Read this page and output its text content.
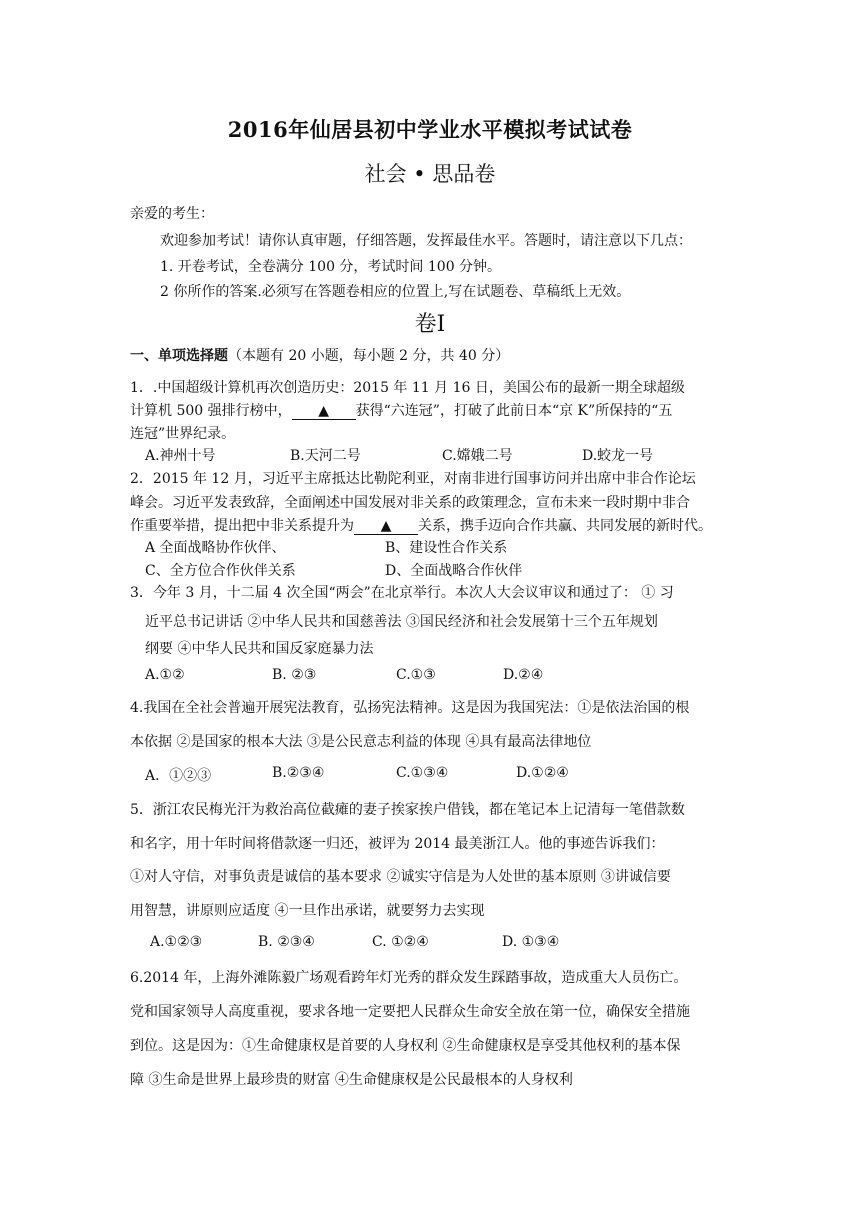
2016年仙居县初中学业水平模拟考试试卷
社会 • 思品卷
亲爱的考生：
欢迎参加考试！请你认真审题，仔细答题，发挥最佳水平。答题时，请注意以下几点：
1. 开卷考试，全卷满分 100 分，考试时间 100 分钟。
2 你所作的答案.必须写在答题卷相应的位置上,写在试题卷、草稿纸上无效。
卷Ⅰ
一、单项选择题（本题有 20 小题，每小题 2 分，共 40 分）
1．.中国超级计算机再次创造历史：2015 年 11 月 16 日，美国公布的最新一期全球超级
计算机 500 强排行榜中， ▲ 获得“六连冠”，打破了此前日本“京 K”所保持的“五
连冠”世界纪录。
A.神州十号	B.天河二号	C.嫦娥二号	D.蛟龙一号
2．2015 年 12 月，习近平主席抵达比勒陀利亚，对南非进行国事访问并出席中非合作论坛
峰会。习近平发表致辞，全面阐述中国发展对非关系的政策理念，宣布未来一段时期中非合
作重要举措，提出把中非关系提升为 ▲ 关系，携手迈向合作共赢、共同发展的新时代。
A 全面战略协作伙伴、	B、建设性合作关系
C、全方位合作伙伴关系	D、全面战略合作伙伴
3．今年 3 月，十二届 4 次全国“两会”在北京举行。本次人大会议审议和通过了： ① 习
近平总书记讲话 ②中华人民共和国慈善法 ③国民经济和社会发展第十三个五年规划
纲要 ④中华人民共和国反家庭暴力法
A.①②	B. ②③	C.①③	D.②④
4.我国在全社会普遍开展宪法教育，弘扬宪法精神。这是因为我国宪法：①是依法治国的根
本依据 ②是国家的根本大法 ③是公民意志利益的体现 ④具有最高法律地位
A．①②③	B.②③④	C.①③④	D.①②④
5．浙江农民梅光汗为救治高位截瘫的妻子挨家挨户借钱，都在笔记本上记清每一笔借款数
和名字，用十年时间将借款逐一归还，被评为 2014 最美浙江人。他的事迹告诉我们：
①对人守信，对事负责是诚信的基本要求 ②诚实守信是为人处世的基本原则 ③讲诚信要
用智慧，讲原则应适度 ④一旦作出承诺，就要努力去实现
A.①②③	B. ②③④	C. ①②④	D. ①③④
6.2014 年，上海外滩陈毅广场观看跨年灯光秀的群众发生踩踏事故，造成重大人员伤亡。
党和国家领导人高度重视，要求各地一定要把人民群众生命安全放在第一位，确保安全措施
到位。这是因为：①生命健康权是首要的人身权利 ②生命健康权是享受其他权利的基本保
障 ③生命是世界上最珍贵的财富 ④生命健康权是公民最根本的人身权利
